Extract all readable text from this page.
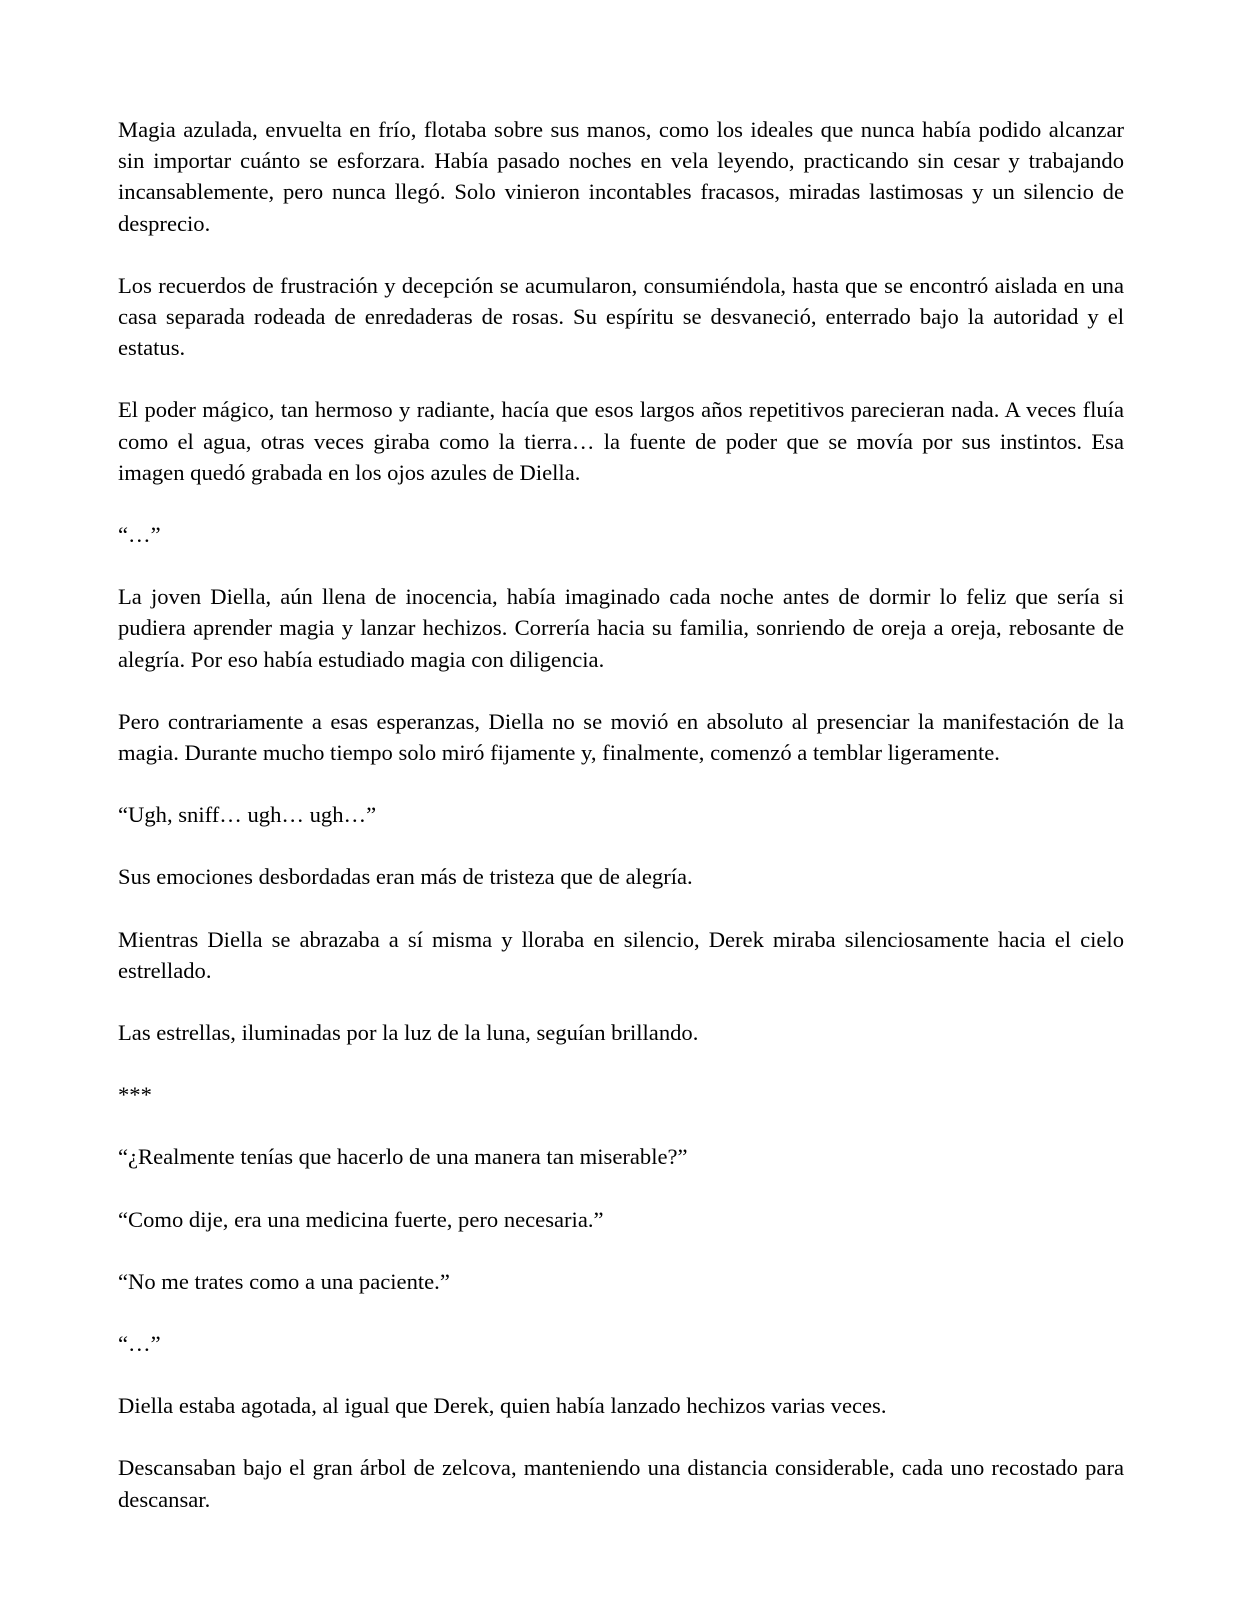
Magia azulada, envuelta en frío, flotaba sobre sus manos, como los ideales que nunca había podido alcanzar sin importar cuánto se esforzara. Había pasado noches en vela leyendo, practicando sin cesar y trabajando incansablemente, pero nunca llegó. Solo vinieron incontables fracasos, miradas lastimosas y un silencio de desprecio.

Los recuerdos de frustración y decepción se acumularon, consumiéndola, hasta que se encontró aislada en una casa separada rodeada de enredaderas de rosas. Su espíritu se desvaneció, enterrado bajo la autoridad y el estatus.

El poder mágico, tan hermoso y radiante, hacía que esos largos años repetitivos parecieran nada. A veces fluía como el agua, otras veces giraba como la tierra… la fuente de poder que se movía por sus instintos. Esa imagen quedó grabada en los ojos azules de Diella.

“…”

La joven Diella, aún llena de inocencia, había imaginado cada noche antes de dormir lo feliz que sería si pudiera aprender magia y lanzar hechizos. Correría hacia su familia, sonriendo de oreja a oreja, rebosante de alegría. Por eso había estudiado magia con diligencia.

Pero contrariamente a esas esperanzas, Diella no se movió en absoluto al presenciar la manifestación de la magia. Durante mucho tiempo solo miró fijamente y, finalmente, comenzó a temblar ligeramente.

“Ugh, sniff… ugh… ugh…”

Sus emociones desbordadas eran más de tristeza que de alegría.

Mientras Diella se abrazaba a sí misma y lloraba en silencio, Derek miraba silenciosamente hacia el cielo estrellado.

Las estrellas, iluminadas por la luz de la luna, seguían brillando.

***

“¿Realmente tenías que hacerlo de una manera tan miserable?”

“Como dije, era una medicina fuerte, pero necesaria.”

“No me trates como a una paciente.”

“…”

Diella estaba agotada, al igual que Derek, quien había lanzado hechizos varias veces.

Descansaban bajo el gran árbol de zelcova, manteniendo una distancia considerable, cada uno recostado para descansar.
